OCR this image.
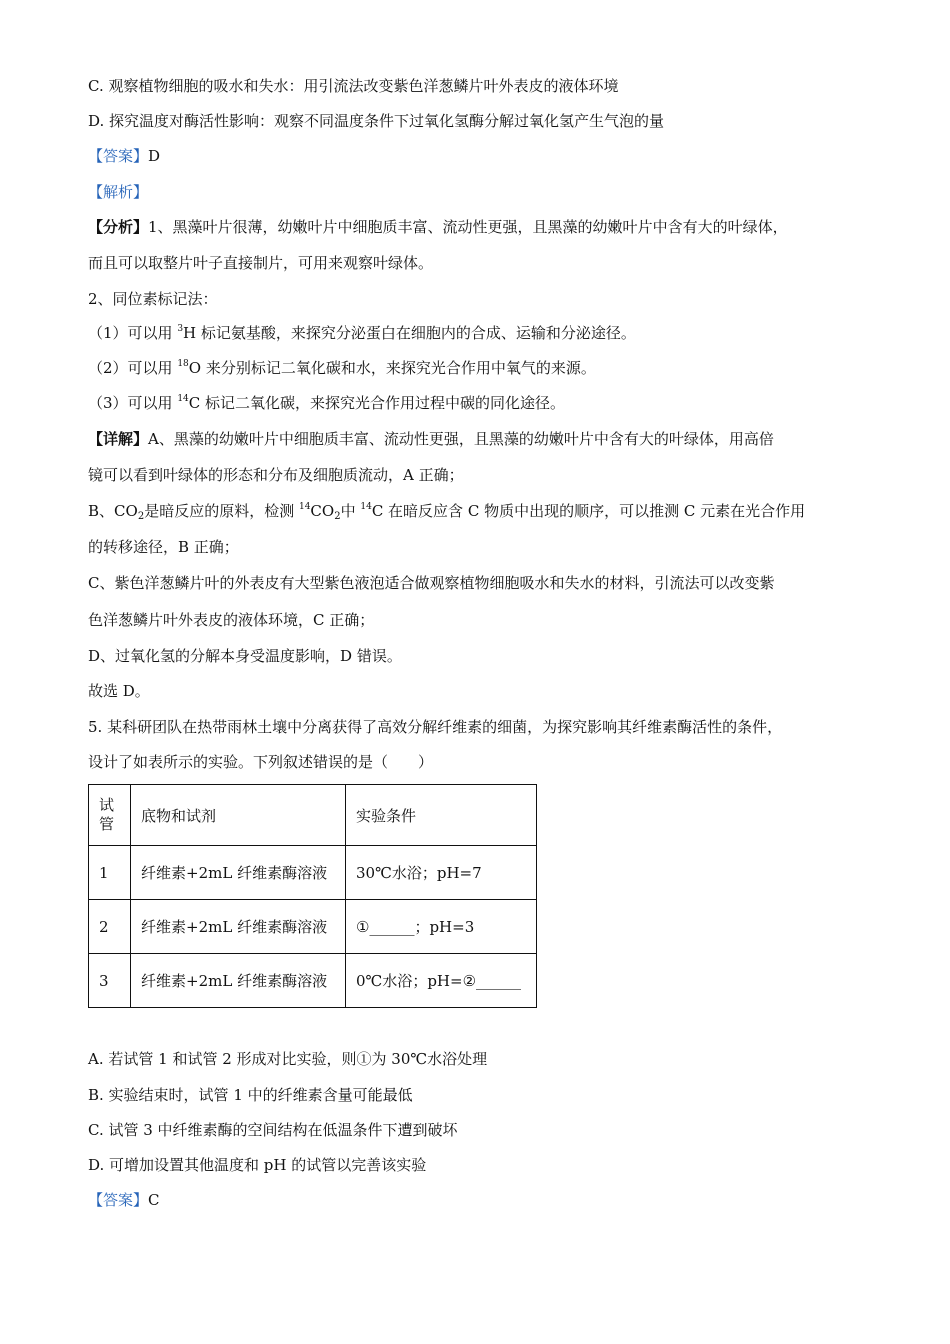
C. 观察植物细胞的吸水和失水：用引流法改变紫色洋葱鳞片叶外表皮的液体环境
D. 探究温度对酶活性影响：观察不同温度条件下过氧化氢酶分解过氧化氢产生气泡的量
【答案】D
【解析】
【分析】1、黑藻叶片很薄，幼嫩叶片中细胞质丰富、流动性更强，且黑藻的幼嫩叶片中含有大的叶绿体，
而且可以取整片叶子直接制片，可用来观察叶绿体。
2、同位素标记法：
（1）可以用 $^3$H 标记氨基酸，来探究分泌蛋白在细胞内的合成、运输和分泌途径。
（2）可以用 $^{18}$O 来分别标记二氧化碳和水，来探究光合作用中氧气的来源。
（3）可以用 $^{14}$C 标记二氧化碳，来探究光合作用过程中碳的同化途径。
【详解】A、黑藻的幼嫩叶片中细胞质丰富、流动性更强，且黑藻的幼嫩叶片中含有大的叶绿体，用高倍
镜可以看到叶绿体的形态和分布及细胞质流动，A 正确；
B、$CO_2$是暗反应的原料，检测 $^{14}CO_2$中 $^{14}$C 在暗反应含 C 物质中出现的顺序，可以推测 C 元素在光合作用
的转移途径，B 正确；
C、紫色洋葱鳞片叶的外表皮有大型紫色液泡适合做观察植物细胞吸水和失水的材料，引流法可以改变紫
色洋葱鳞片叶外表皮的液体环境，C 正确；
D、过氧化氢的分解本身受温度影响，D 错误。
故选 D。
5. 某科研团队在热带雨林土壤中分离获得了高效分解纤维素的细菌，为探究影响其纤维素酶活性的条件，
设计了如表所示的实验。下列叙述错误的是（　　）
试
管	底物和试剂	实验条件
1	纤维素+2mL 纤维素酶溶液	30℃水浴；pH=7
2	纤维素+2mL 纤维素酶溶液	①______；pH=3
3	纤维素+2mL 纤维素酶溶液	0℃水浴；pH=②______
A. 若试管 1 和试管 2 形成对比实验，则①为 30℃水浴处理
B. 实验结束时，试管 1 中的纤维素含量可能最低
C. 试管 3 中纤维素酶的空间结构在低温条件下遭到破坏
D. 可增加设置其他温度和 pH 的试管以完善该实验
【答案】C
